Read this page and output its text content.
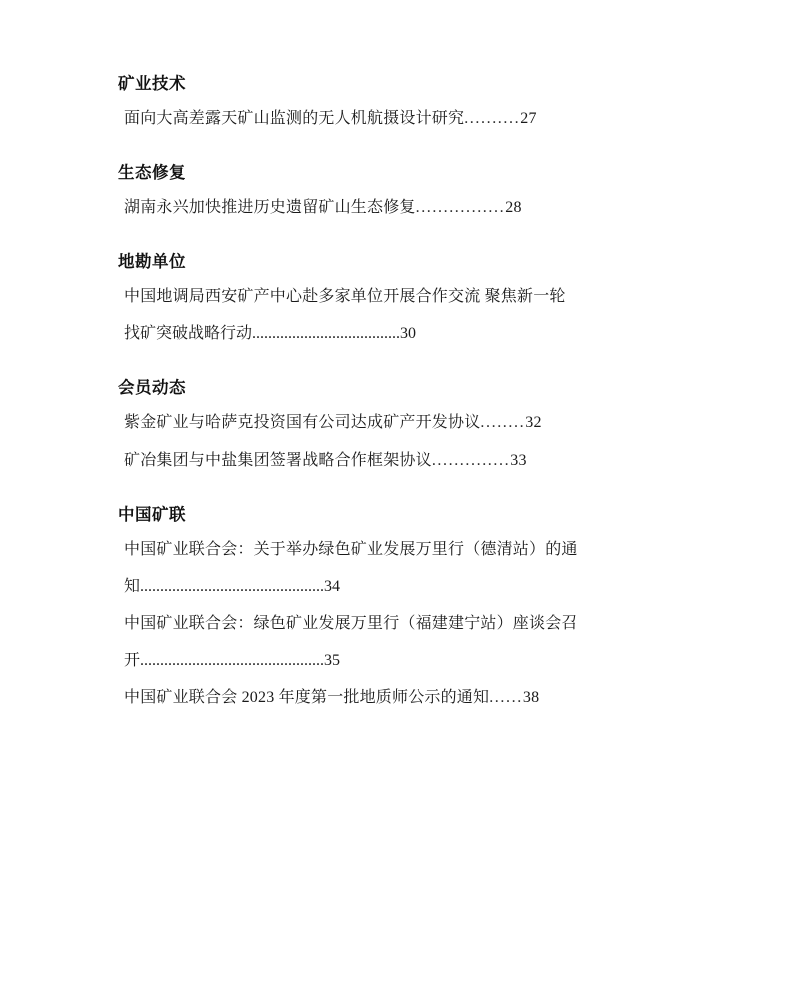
矿业技术
面向大高差露天矿山监测的无人机航摄设计研究..........27
生态修复
湖南永兴加快推进历史遗留矿山生态修复................28
地勘单位
中国地调局西安矿产中心赴多家单位开展合作交流 聚焦新一轮
找矿突破战略行动.....................................30
会员动态
紫金矿业与哈萨克投资国有公司达成矿产开发协议........32
矿冶集团与中盐集团签署战略合作框架协议..............33
中国矿联
中国矿业联合会：关于举办绿色矿业发展万里行（德清站）的通
知..............................................34
中国矿业联合会：绿色矿业发展万里行（福建建宁站）座谈会召
开..............................................35
中国矿业联合会 2023 年度第一批地质师公示的通知......38
